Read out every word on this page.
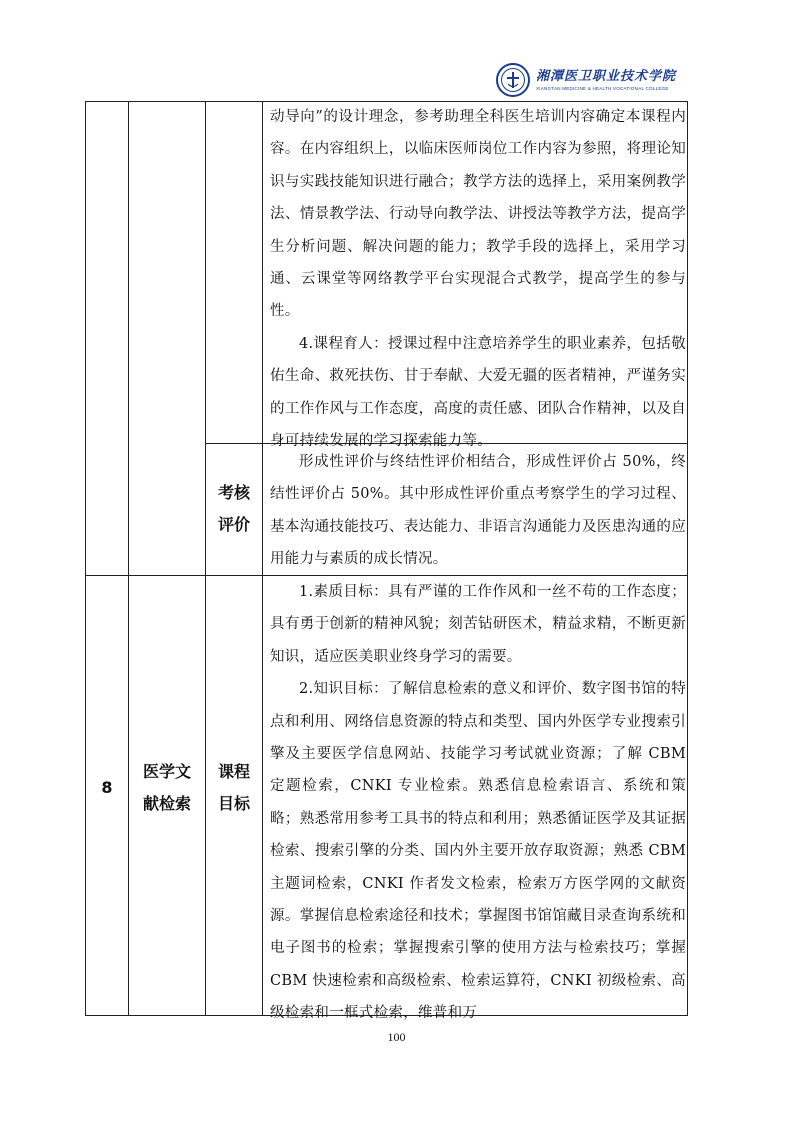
湘潭医卫职业技术学院
XIANGTAN MEDICINE & HEALTH VOCATIONAL COLLEGE

动导向”的设计理念，参考助理全科医生培训内容确定本课程内容。在内容组织上，以临床医师岗位工作内容为参照，将理论知识与实践技能知识进行融合；教学方法的选择上，采用案例教学法、情景教学法、行动导向教学法、讲授法等教学方法，提高学生分析问题、解决问题的能力；教学手段的选择上，采用学习通、云课堂等网络教学平台实现混合式教学，提高学生的参与性。

4.课程育人：授课过程中注意培养学生的职业素养，包括敬佑生命、救死扶伤、甘于奉献、大爱无疆的医者精神，严谨务实的工作作风与工作态度，高度的责任感、团队合作精神，以及自身可持续发展的学习探索能力等。

考核
评价

形成性评价与终结性评价相结合，形成性评价占 50%，终结性评价占 50%。其中形成性评价重点考察学生的学习过程、基本沟通技能技巧、表达能力、非语言沟通能力及医患沟通的应用能力与素质的成长情况。

8
医学文
献检索
课程
目标

1.素质目标：具有严谨的工作作风和一丝不苟的工作态度；具有勇于创新的精神风貌；刻苦钻研医术，精益求精，不断更新知识，适应医美职业终身学习的需要。

2.知识目标：了解信息检索的意义和评价、数字图书馆的特点和利用、网络信息资源的特点和类型、国内外医学专业搜索引擎及主要医学信息网站、技能学习考试就业资源；了解 CBM 定题检索，CNKI 专业检索。熟悉信息检索语言、系统和策略；熟悉常用参考工具书的特点和利用；熟悉循证医学及其证据检索、搜索引擎的分类、国内外主要开放存取资源；熟悉 CBM 主题词检索，CNKI 作者发文检索，检索万方医学网的文献资源。掌握信息检索途径和技术；掌握图书馆馆藏目录查询系统和电子图书的检索；掌握搜索引擎的使用方法与检索技巧；掌握 CBM 快速检索和高级检索、检索运算符，CNKI 初级检索、高级检索和一框式检索，维普和万

100
